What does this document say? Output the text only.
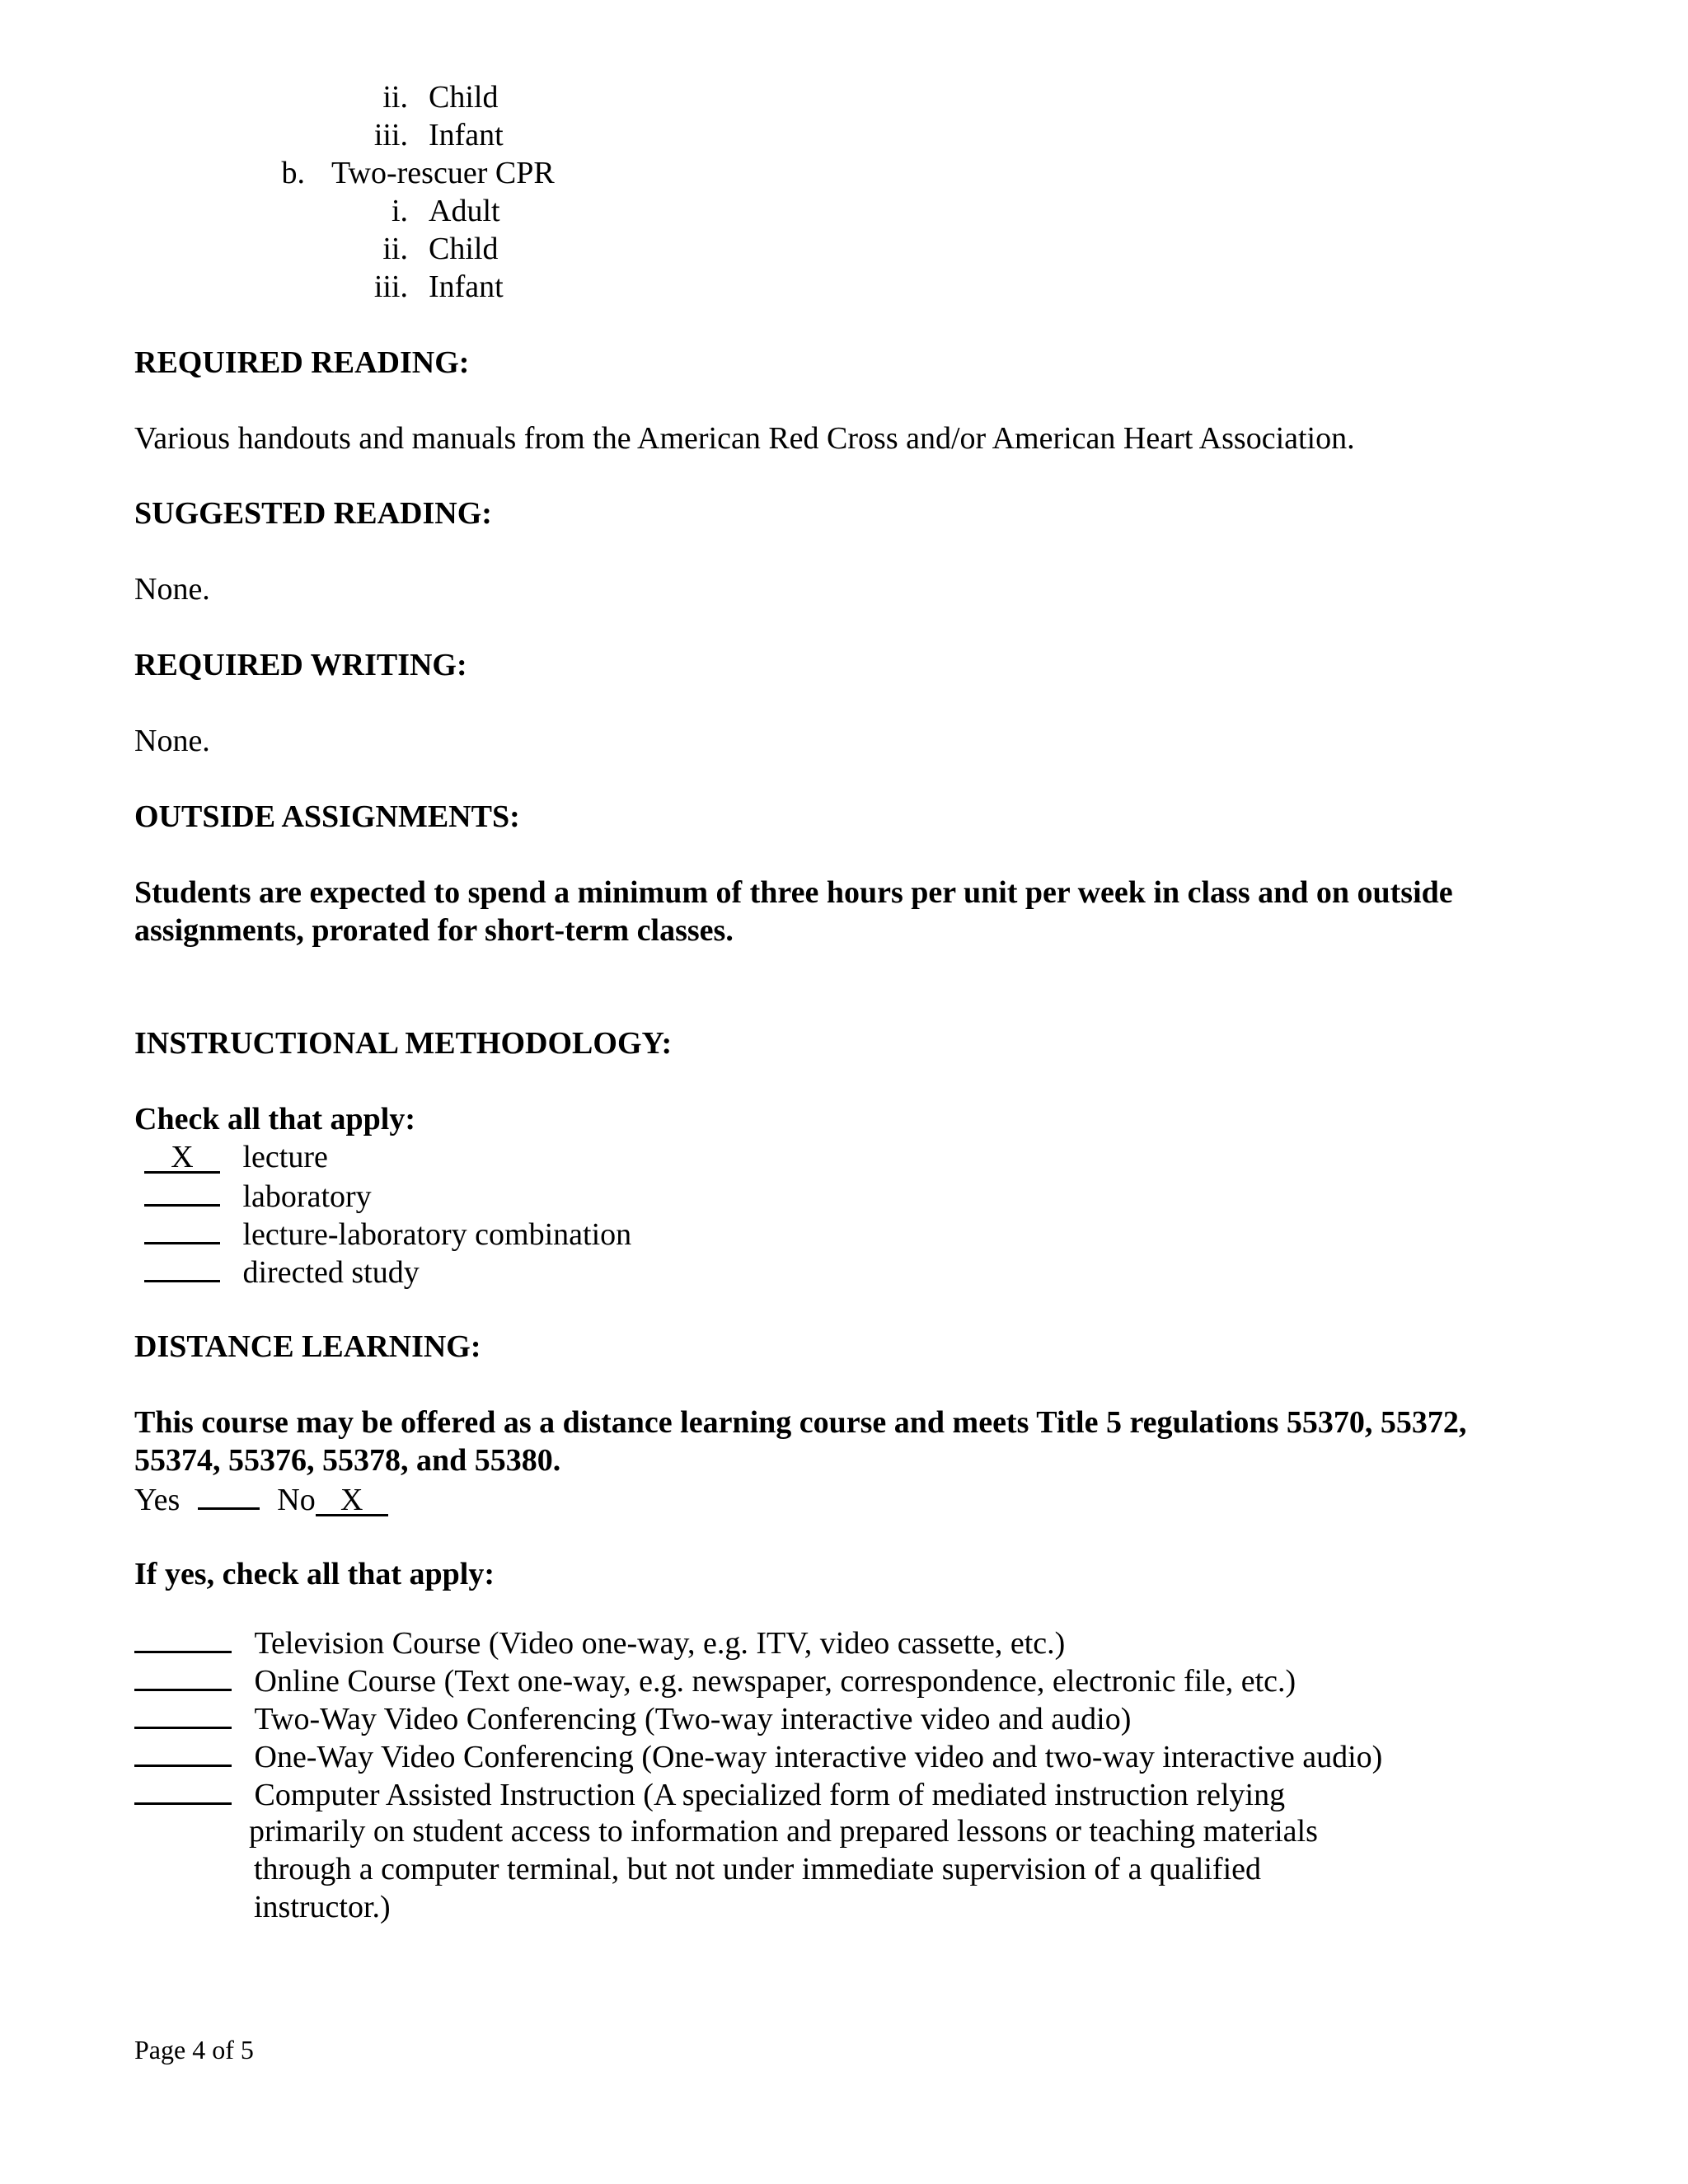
ii. Child
iii. Infant
b. Two-rescuer CPR
i. Adult
ii. Child
iii. Infant
REQUIRED READING:
Various handouts and manuals from the American Red Cross and/or American Heart Association.
SUGGESTED READING:
None.
REQUIRED WRITING:
None.
OUTSIDE ASSIGNMENTS:
Students are expected to spend a minimum of three hours per unit per week in class and on outside
assignments, prorated for short-term classes.
INSTRUCTIONAL METHODOLOGY:
Check all that apply:
X lecture
laboratory
lecture-laboratory combination
directed study
DISTANCE LEARNING:
This course may be offered as a distance learning course and meets Title 5 regulations 55370, 55372,
55374, 55376, 55378, and 55380.
Yes	No X
If yes, check all that apply:
Television Course (Video one-way, e.g. ITV, video cassette, etc.)
Online Course (Text one-way, e.g. newspaper, correspondence, electronic file, etc.)
Two-Way Video Conferencing (Two-way interactive video and audio)
One-Way Video Conferencing (One-way interactive video and two-way interactive audio)
Computer Assisted Instruction (A specialized form of mediated instruction relying
primarily on student access to information and prepared lessons or teaching materials
through a computer terminal, but not under immediate supervision of a qualified
instructor.)
Page 4 of 5
